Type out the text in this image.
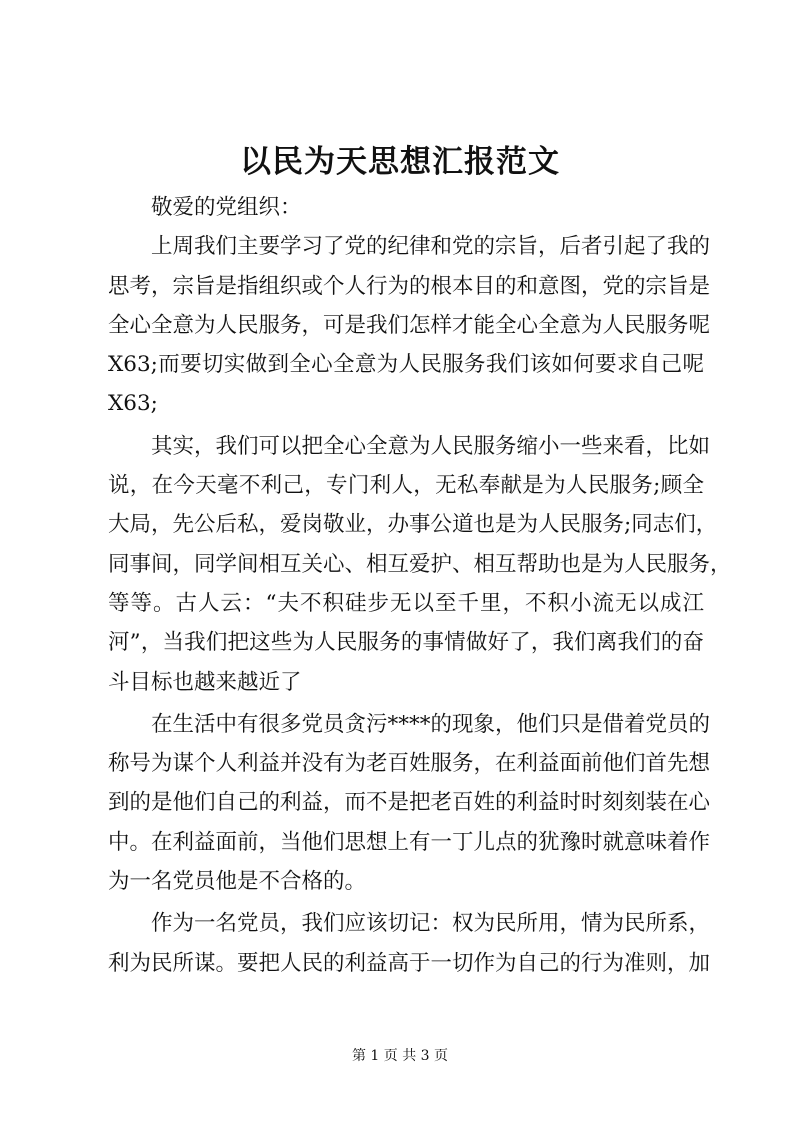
以民为天思想汇报范文
敬爱的党组织：
上周我们主要学习了党的纪律和党的宗旨，后者引起了我的
思考，宗旨是指组织或个人行为的根本目的和意图，党的宗旨是
全心全意为人民服务，可是我们怎样才能全心全意为人民服务呢
X63;而要切实做到全心全意为人民服务我们该如何要求自己呢
X63;
其实，我们可以把全心全意为人民服务缩小一些来看，比如
说，在今天毫不利己，专门利人，无私奉献是为人民服务;顾全
大局，先公后私，爱岗敬业，办事公道也是为人民服务;同志们，
同事间，同学间相互关心、相互爱护、相互帮助也是为人民服务，
等等。古人云：“夫不积硅步无以至千里，不积小流无以成江
河”，当我们把这些为人民服务的事情做好了，我们离我们的奋
斗目标也越来越近了
在生活中有很多党员贪污****的现象，他们只是借着党员的
称号为谋个人利益并没有为老百姓服务，在利益面前他们首先想
到的是他们自己的利益，而不是把老百姓的利益时时刻刻装在心
中。在利益面前，当他们思想上有一丁儿点的犹豫时就意味着作
为一名党员他是不合格的。
作为一名党员，我们应该切记：权为民所用，情为民所系，
利为民所谋。要把人民的利益高于一切作为自己的行为准则，加
第 1 页 共 3 页
